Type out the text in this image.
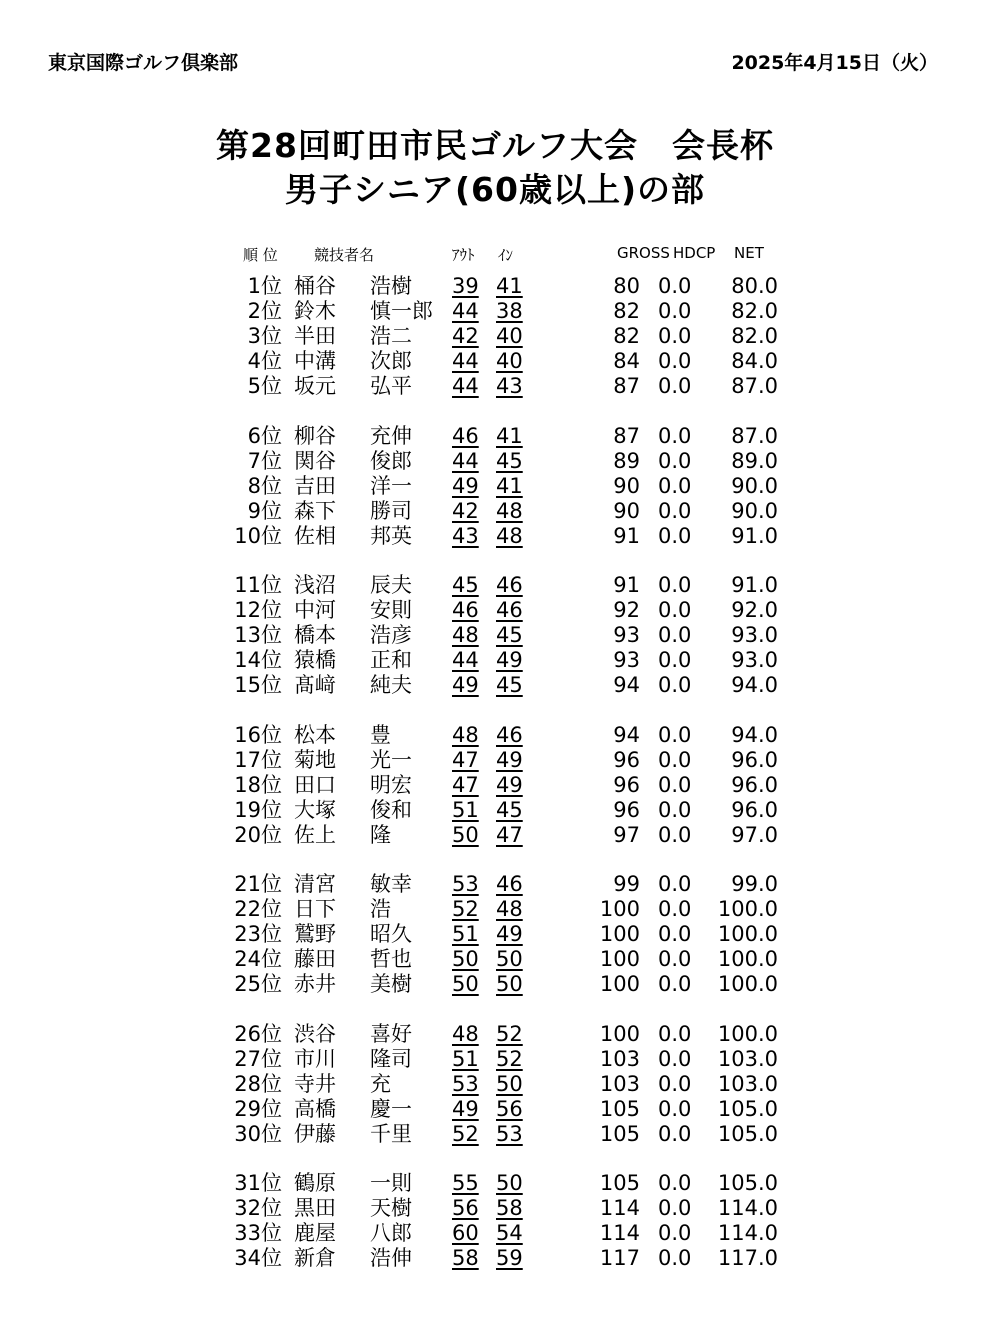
東京国際ゴルフ倶楽部	2025年4月15日（火）
第28回町田市民ゴルフ大会　会長杯
男子シニア(60歳以上)の部
順 位 競技者名	ｱｳﾄ ｲﾝ	GROSS HDCP NET
1位 桶谷 浩樹 39 41	80 0.0	80.0
2位 鈴木 慎一郎 44 38	82 0.0	82.0
3位 半田 浩二 42 40	82 0.0	82.0
4位 中溝 次郎 44 40	84 0.0	84.0
5位 坂元 弘平 44 43	87 0.0	87.0
6位 柳谷 充伸 46 41	87 0.0	87.0
7位 関谷 俊郎 44 45	89 0.0	89.0
8位 吉田 洋一 49 41	90 0.0	90.0
9位 森下 勝司 42 48	90 0.0	90.0
10位 佐相 邦英 43 48	91 0.0	91.0
11位 浅沼 辰夫 45 46	91 0.0	91.0
12位 中河 安則 46 46	92 0.0	92.0
13位 橋本 浩彦 48 45	93 0.0	93.0
14位 猿橋 正和 44 49	93 0.0	93.0
15位 髙﨑 純夫 49 45	94 0.0	94.0
16位 松本 豊	48 46	94 0.0	94.0
17位 菊地 光一 47 49	96 0.0	96.0
18位 田口 明宏 47 49	96 0.0	96.0
19位 大塚 俊和 51 45	96 0.0	96.0
20位 佐上 隆	50 47	97 0.0	97.0
21位 清宮 敏幸 53 46	99 0.0	99.0
22位 日下 浩	52 48	100 0.0 100.0
23位 鷲野 昭久 51 49	100 0.0 100.0
24位 藤田 哲也 50 50	100 0.0 100.0
25位 赤井 美樹 50 50	100 0.0 100.0
26位 渋谷 喜好 48 52	100 0.0 100.0
27位 市川 隆司 51 52	103 0.0 103.0
28位 寺井 充	53 50	103 0.0 103.0
29位 高橋 慶一 49 56	105 0.0 105.0
30位 伊藤 千里 52 53	105 0.0 105.0
31位 鶴原 一則 55 50	105 0.0 105.0
32位 黒田 天樹 56 58	114 0.0 114.0
33位 鹿屋 八郎 60 54	114 0.0 114.0
34位 新倉 浩伸 58 59	117 0.0 117.0
